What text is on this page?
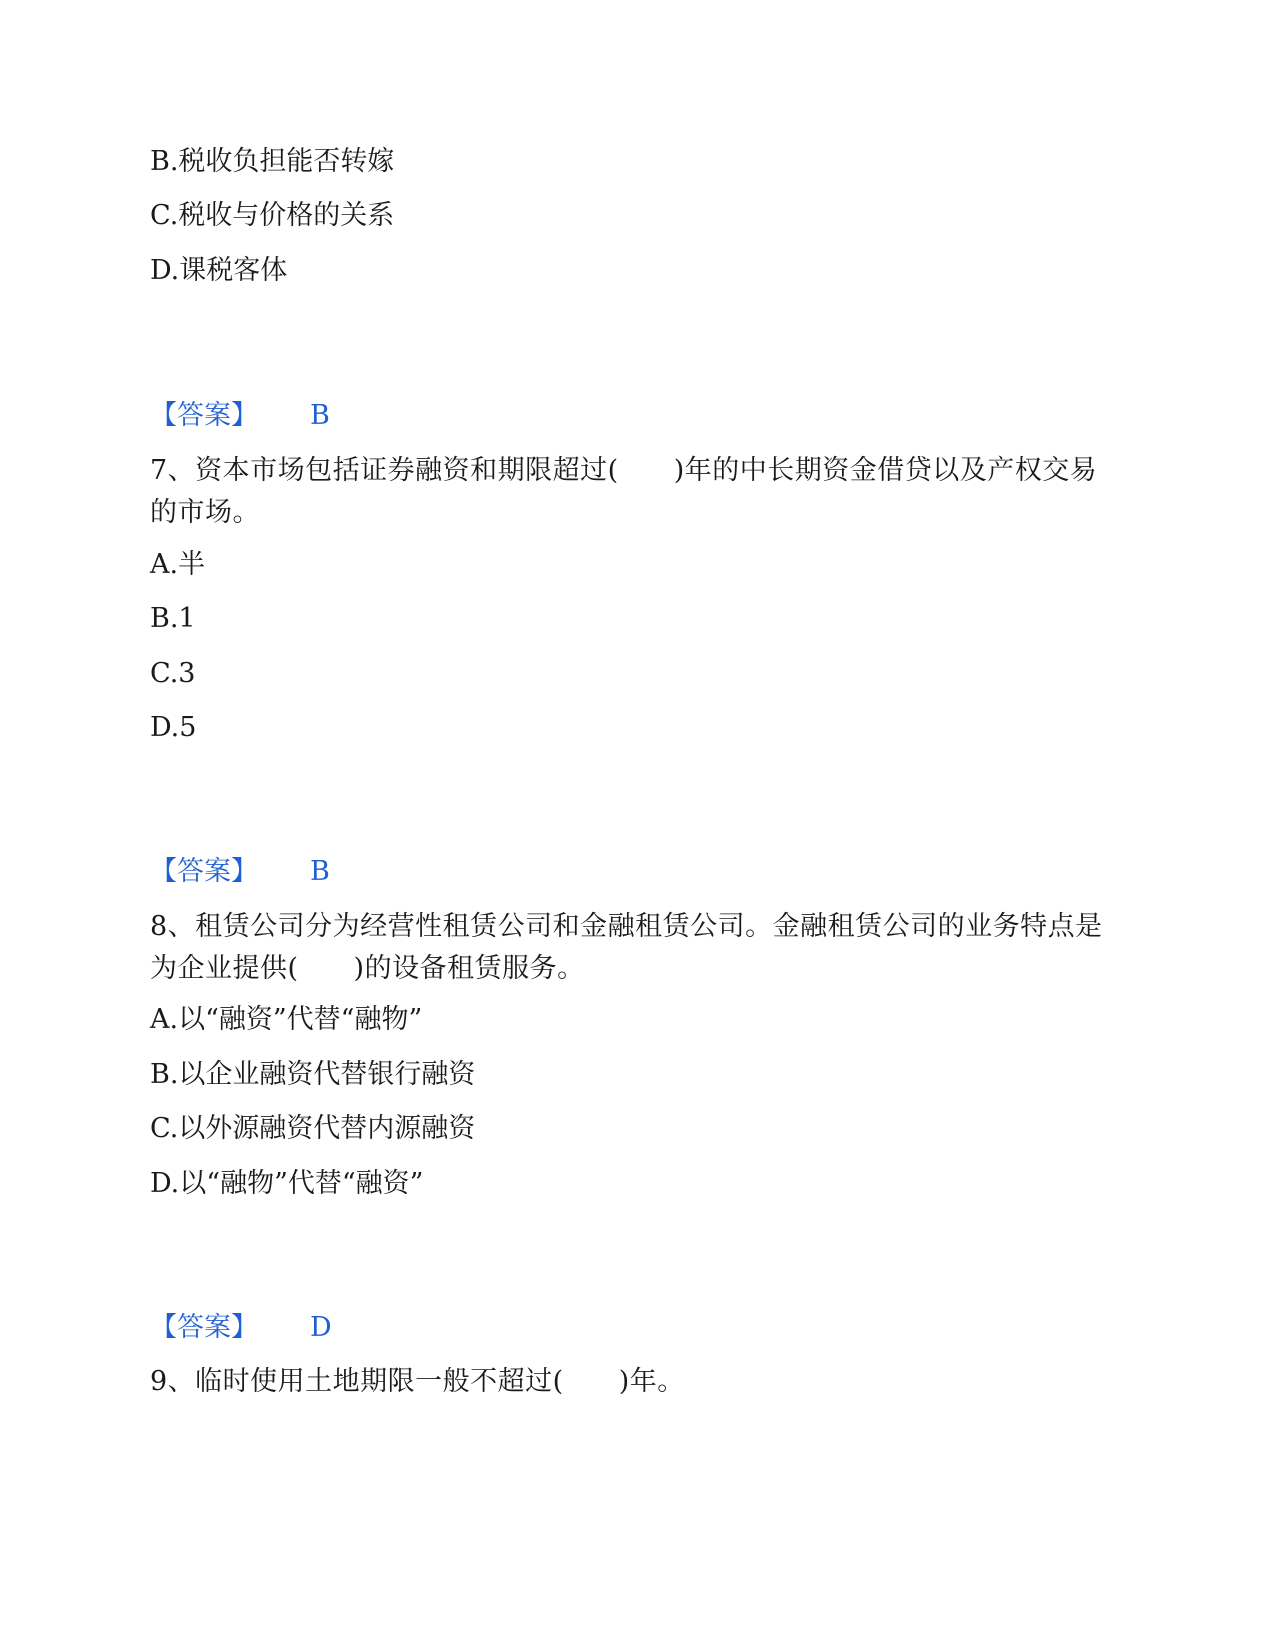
B.税收负担能否转嫁
C.税收与价格的关系
D.课税客体
【答案】 B
7、资本市场包括证券融资和期限超过(　　)年的中长期资金借贷以及产权交易的市场。
A.半
B.1
C.3
D.5
【答案】 B
8、租赁公司分为经营性租赁公司和金融租赁公司。金融租赁公司的业务特点是为企业提供(　　)的设备租赁服务。
A.以“融资”代替“融物”
B.以企业融资代替银行融资
C.以外源融资代替内源融资
D.以“融物”代替“融资”
【答案】 D
9、临时使用土地期限一般不超过(　　)年。
